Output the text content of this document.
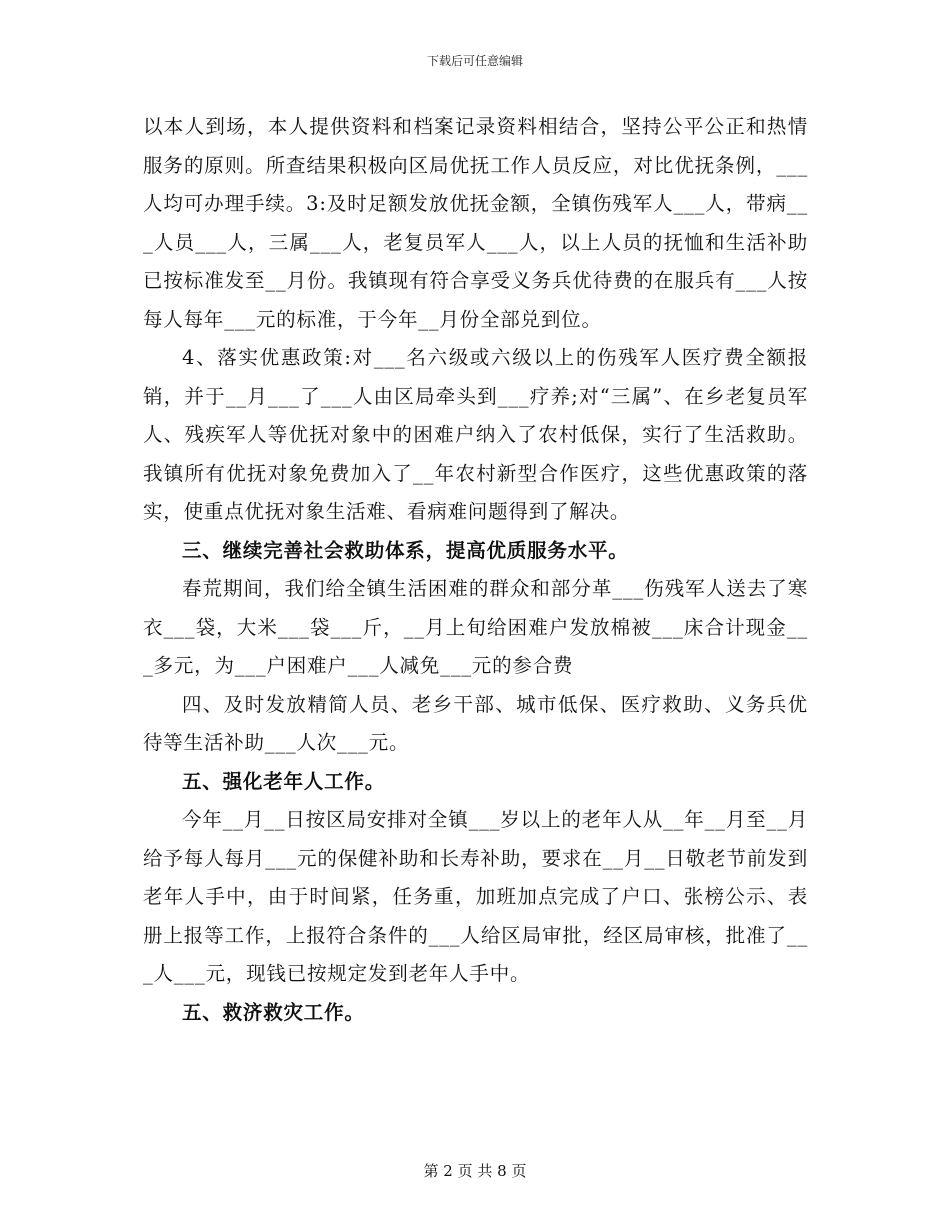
下载后可任意编辑

以本人到场，本人提供资料和档案记录资料相结合，坚持公平公正和热情服务的原则。所查结果积极向区局优抚工作人员反应，对比优抚条例，___人均可办理手续。3:及时足额发放优抚金额，全镇伤残军人___人，带病___人员___人，三属___人，老复员军人___人，以上人员的抚恤和生活补助已按标准发至__月份。我镇现有符合享受义务兵优待费的在服兵有___人按每人每年___元的标准，于今年__月份全部兑到位。

4、落实优惠政策:对___名六级或六级以上的伤残军人医疗费全额报销，并于__月___了___人由区局牵头到___疗养;对“三属”、在乡老复员军人、残疾军人等优抚对象中的困难户纳入了农村低保，实行了生活救助。我镇所有优抚对象免费加入了__年农村新型合作医疗，这些优惠政策的落实，使重点优抚对象生活难、看病难问题得到了解决。

三、继续完善社会救助体系，提高优质服务水平。

春荒期间，我们给全镇生活困难的群众和部分革___伤残军人送去了寒衣___袋，大米___袋___斤，__月上旬给困难户发放棉被___床合计现金___多元，为___户困难户___人减免___元的参合费

四、及时发放精简人员、老乡干部、城市低保、医疗救助、义务兵优待等生活补助___人次___元。

五、强化老年人工作。

今年__月__日按区局安排对全镇___岁以上的老年人从__年__月至__月给予每人每月___元的保健补助和长寿补助，要求在__月__日敬老节前发到老年人手中，由于时间紧，任务重，加班加点完成了户口、张榜公示、表册上报等工作，上报符合条件的___人给区局审批，经区局审核，批准了___人___元，现钱已按规定发到老年人手中。

五、救济救灾工作。

第 2 页 共 8 页
